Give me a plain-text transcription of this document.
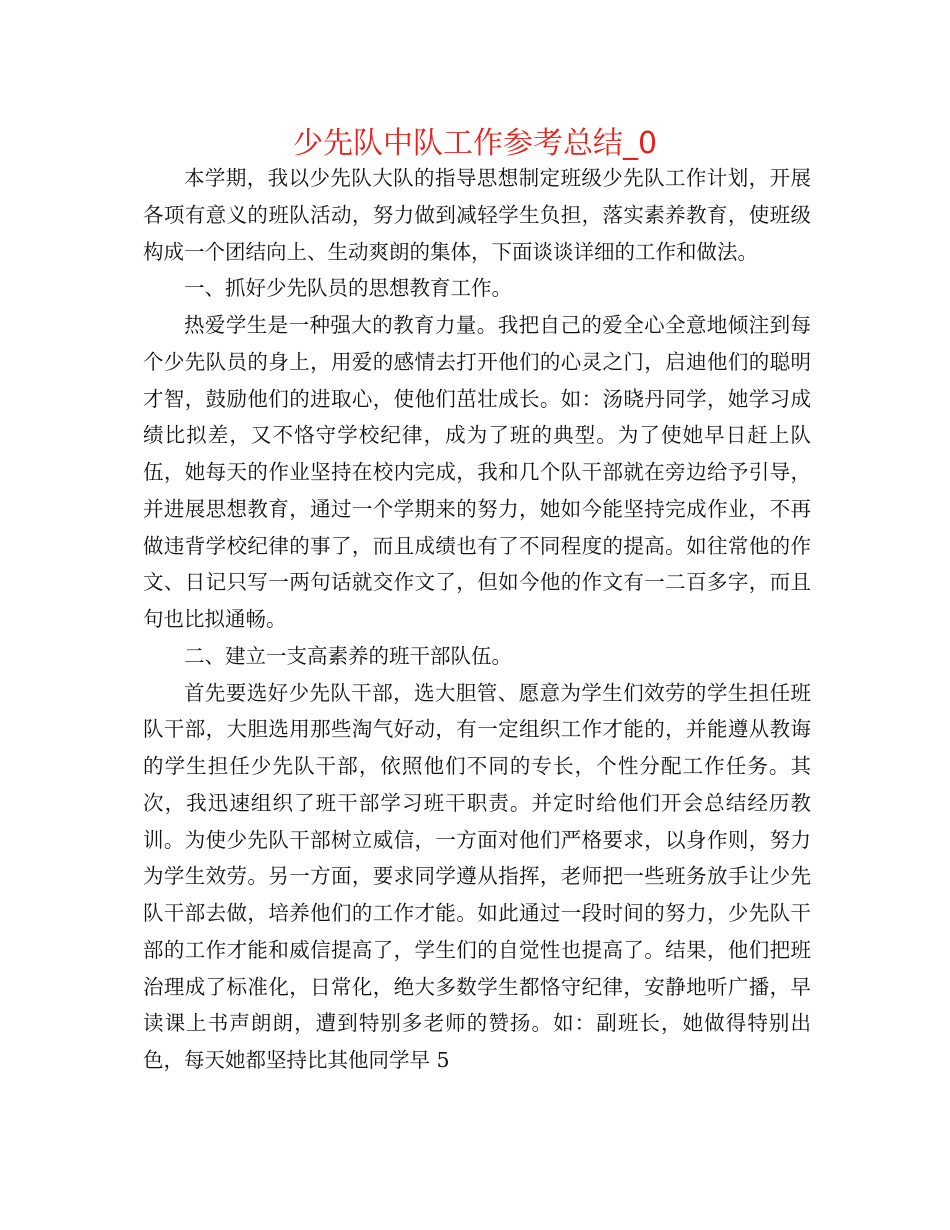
少先队中队工作参考总结_0

本学期，我以少先队大队的指导思想制定班级少先队工作计划，开展各项有意义的班队活动，努力做到减轻学生负担，落实素养教育，使班级构成一个团结向上、生动爽朗的集体，下面谈谈详细的工作和做法。

一、抓好少先队员的思想教育工作。

热爱学生是一种强大的教育力量。我把自己的爱全心全意地倾注到每个少先队员的身上，用爱的感情去打开他们的心灵之门，启迪他们的聪明才智，鼓励他们的进取心，使他们茁壮成长。如：汤晓丹同学，她学习成绩比拟差，又不恪守学校纪律，成为了班的典型。为了使她早日赶上队伍，她每天的作业坚持在校内完成，我和几个队干部就在旁边给予引导，并进展思想教育，通过一个学期来的努力，她如今能坚持完成作业，不再做违背学校纪律的事了，而且成绩也有了不同程度的提高。如往常他的作文、日记只写一两句话就交作文了，但如今他的作文有一二百多字，而且句也比拟通畅。

二、建立一支高素养的班干部队伍。

首先要选好少先队干部，选大胆管、愿意为学生们效劳的学生担任班队干部，大胆选用那些淘气好动，有一定组织工作才能的，并能遵从教诲的学生担任少先队干部，依照他们不同的专长，个性分配工作任务。其次，我迅速组织了班干部学习班干职责。并定时给他们开会总结经历教训。为使少先队干部树立威信，一方面对他们严格要求，以身作则，努力为学生效劳。另一方面，要求同学遵从指挥，老师把一些班务放手让少先队干部去做，培养他们的工作才能。如此通过一段时间的努力，少先队干部的工作才能和威信提高了，学生们的自觉性也提高了。结果，他们把班治理成了标准化，日常化，绝大多数学生都恪守纪律，安静地听广播，早读课上书声朗朗，遭到特别多老师的赞扬。如：副班长，她做得特别出色，每天她都坚持比其他同学早 5
